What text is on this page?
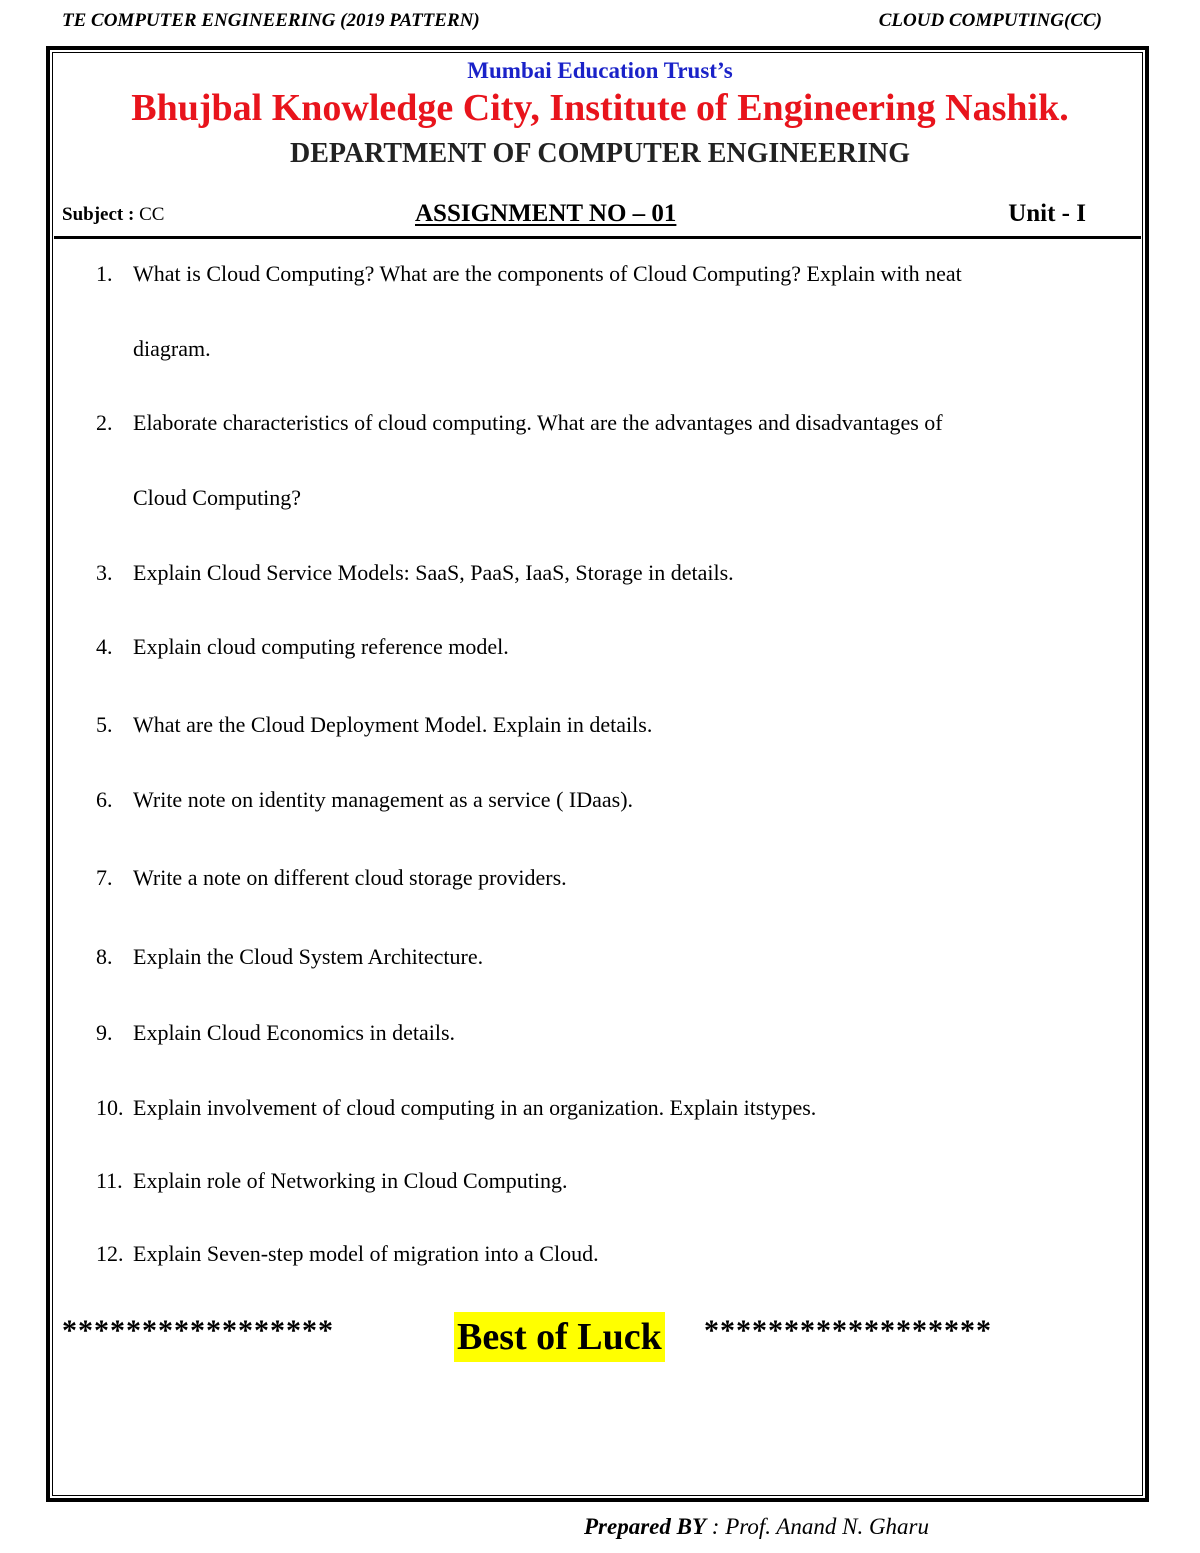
TE COMPUTER ENGINEERING (2019 PATTERN)	CLOUD COMPUTING(CC)
Mumbai Education Trust’s
Bhujbal Knowledge City, Institute of Engineering Nashik.
DEPARTMENT OF COMPUTER ENGINEERING
Subject : CC	ASSIGNMENT NO – 01	Unit - I
1. What is Cloud Computing? What are the components of Cloud Computing? Explain with neat
diagram.
2. Elaborate characteristics of cloud computing. What are the advantages and disadvantages of
Cloud Computing?
3. Explain Cloud Service Models: SaaS, PaaS, IaaS, Storage in details.
4. Explain cloud computing reference model.
5. What are the Cloud Deployment Model. Explain in details.
6. Write note on identity management as a service ( IDaas).
7. Write a note on different cloud storage providers.
8. Explain the Cloud System Architecture.
9. Explain Cloud Economics in details.
10. Explain involvement of cloud computing in an organization. Explain itstypes.
11. Explain role of Networking in Cloud Computing.
12. Explain Seven-step model of migration into a Cloud.
*****************	Best of Luck ******************
Prepared BY : Prof. Anand N. Gharu
